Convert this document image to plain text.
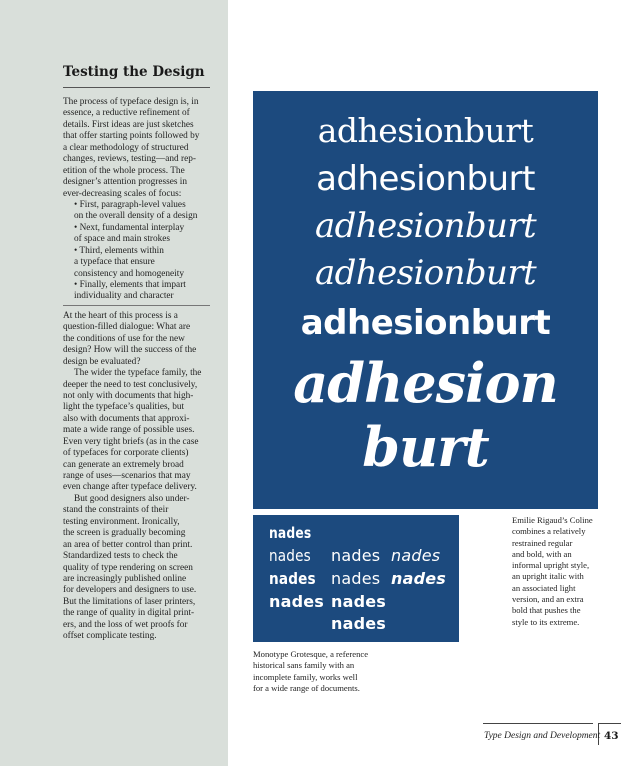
Testing the Design
The process of typeface design is, in
essence, a reductive refinement of
details. First ideas are just sketches
that offer starting points followed by
a clear methodology of structured
changes, reviews, testing—and rep-
etition of the whole process. The
designer’s attention progresses in
ever-decreasing scales of focus:
• First, paragraph-level values
on the overall density of a design
• Next, fundamental interplay
of space and main strokes
• Third, elements within
a typeface that ensure
consistency and homogeneity
• Finally, elements that impart
individuality and character
At the heart of this process is a
question-filled dialogue: What are
the conditions of use for the new
design? How will the success of the
design be evaluated?
The wider the typeface family, the
deeper the need to test conclusively,
not only with documents that high-
light the typeface’s qualities, but
also with documents that approxi-
mate a wide range of possible uses.
Even very tight briefs (as in the case
of typefaces for corporate clients)
can generate an extremely broad
range of uses—scenarios that may
even change after typeface delivery.
But good designers also under-
stand the constraints of their
testing environment. Ironically,
the screen is gradually becoming
an area of better control than print.
Standardized tests to check the
quality of type rendering on screen
are increasingly published online
for developers and designers to use.
But the limitations of laser printers,
the range of quality in digital print-
ers, and the loss of wet proofs for
offset complicate testing.
adhesionburt
adhesionburt
adhesionburt
adhesionburt
adhesionburt
adhesion
burt
Emilie Rigaud’s Coline
combines a relatively
restrained regular
and bold, with an
informal upright style,
an upright italic with
an associated light
version, and an extra
bold that pushes the
style to its extreme.
nades
nades
nades
nades
nades nades
nades nades
nades
nades
Monotype Grotesque, a reference
historical sans family with an
incomplete family, works well
for a wide range of documents.
Type Design and Development 43
